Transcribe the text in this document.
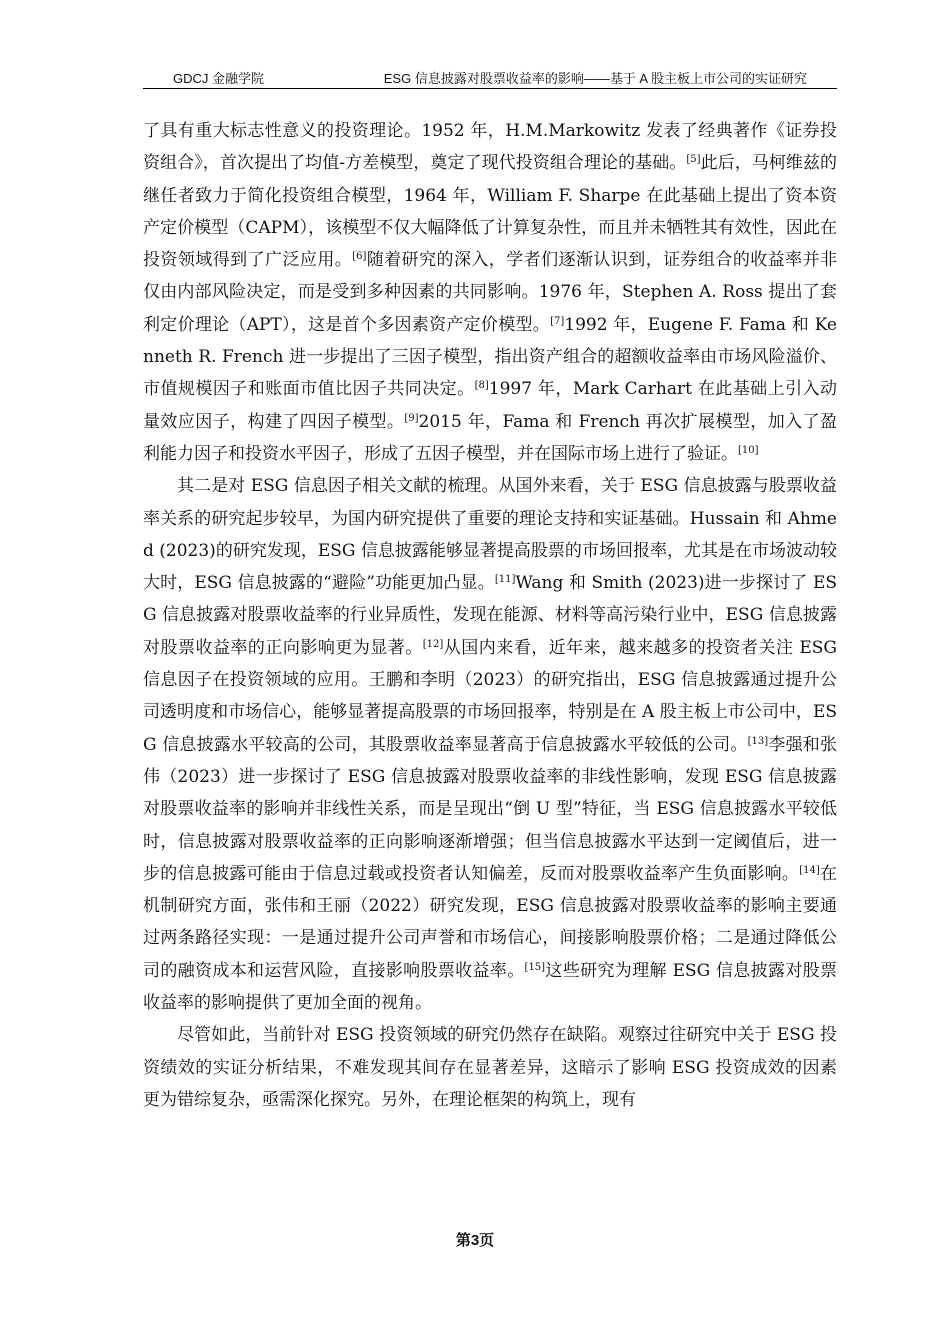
GDCJ 金融学院	ESG 信息披露对股票收益率的影响——基于 A 股主板上市公司的实证研究

了具有重大标志性意义的投资理论。1952 年，H.M.Markowitz 发表了经典著作《证券投资组合》，首次提出了均值-方差模型，奠定了现代投资组合理论的基础。[5]此后，马柯维兹的继任者致力于简化投资组合模型，1964 年，William F. Sharpe 在此基础上提出了资本资产定价模型（CAPM），该模型不仅大幅降低了计算复杂性，而且并未牺牲其有效性，因此在投资领域得到了广泛应用。[6]随着研究的深入，学者们逐渐认识到，证券组合的收益率并非仅由内部风险决定，而是受到多种因素的共同影响。1976 年，Stephen A. Ross 提出了套利定价理论（APT），这是首个多因素资产定价模型。[7]1992 年，Eugene F. Fama 和 Kenneth R. French 进一步提出了三因子模型，指出资产组合的超额收益率由市场风险溢价、市值规模因子和账面市值比因子共同决定。[8]1997 年，Mark Carhart 在此基础上引入动量效应因子，构建了四因子模型。[9]2015 年，Fama 和 French 再次扩展模型，加入了盈利能力因子和投资水平因子，形成了五因子模型，并在国际市场上进行了验证。[10]

其二是对 ESG 信息因子相关文献的梳理。从国外来看，关于 ESG 信息披露与股票收益率关系的研究起步较早，为国内研究提供了重要的理论支持和实证基础。Hussain 和 Ahmed (2023)的研究发现，ESG 信息披露能够显著提高股票的市场回报率，尤其是在市场波动较大时，ESG 信息披露的“避险”功能更加凸显。[11]Wang 和 Smith (2023)进一步探讨了 ESG 信息披露对股票收益率的行业异质性，发现在能源、材料等高污染行业中，ESG 信息披露对股票收益率的正向影响更为显著。[12]从国内来看，近年来，越来越多的投资者关注 ESG 信息因子在投资领域的应用。王鹏和李明（2023）的研究指出，ESG 信息披露通过提升公司透明度和市场信心，能够显著提高股票的市场回报率，特别是在 A 股主板上市公司中，ESG 信息披露水平较高的公司，其股票收益率显著高于信息披露水平较低的公司。[13]李强和张伟（2023）进一步探讨了 ESG 信息披露对股票收益率的非线性影响，发现 ESG 信息披露对股票收益率的影响并非线性关系，而是呈现出“倒 U 型”特征，当 ESG 信息披露水平较低时，信息披露对股票收益率的正向影响逐渐增强；但当信息披露水平达到一定阈值后，进一步的信息披露可能由于信息过载或投资者认知偏差，反而对股票收益率产生负面影响。[14]在机制研究方面，张伟和王丽（2022）研究发现，ESG 信息披露对股票收益率的影响主要通过两条路径实现：一是通过提升公司声誉和市场信心，间接影响股票价格；二是通过降低公司的融资成本和运营风险，直接影响股票收益率。[15]这些研究为理解 ESG 信息披露对股票收益率的影响提供了更加全面的视角。

尽管如此，当前针对 ESG 投资领域的研究仍然存在缺陷。观察过往研究中关于 ESG 投资绩效的实证分析结果，不难发现其间存在显著差异，这暗示了影响 ESG 投资成效的因素更为错综复杂，亟需深化探究。另外，在理论框架的构筑上，现有

第3页
